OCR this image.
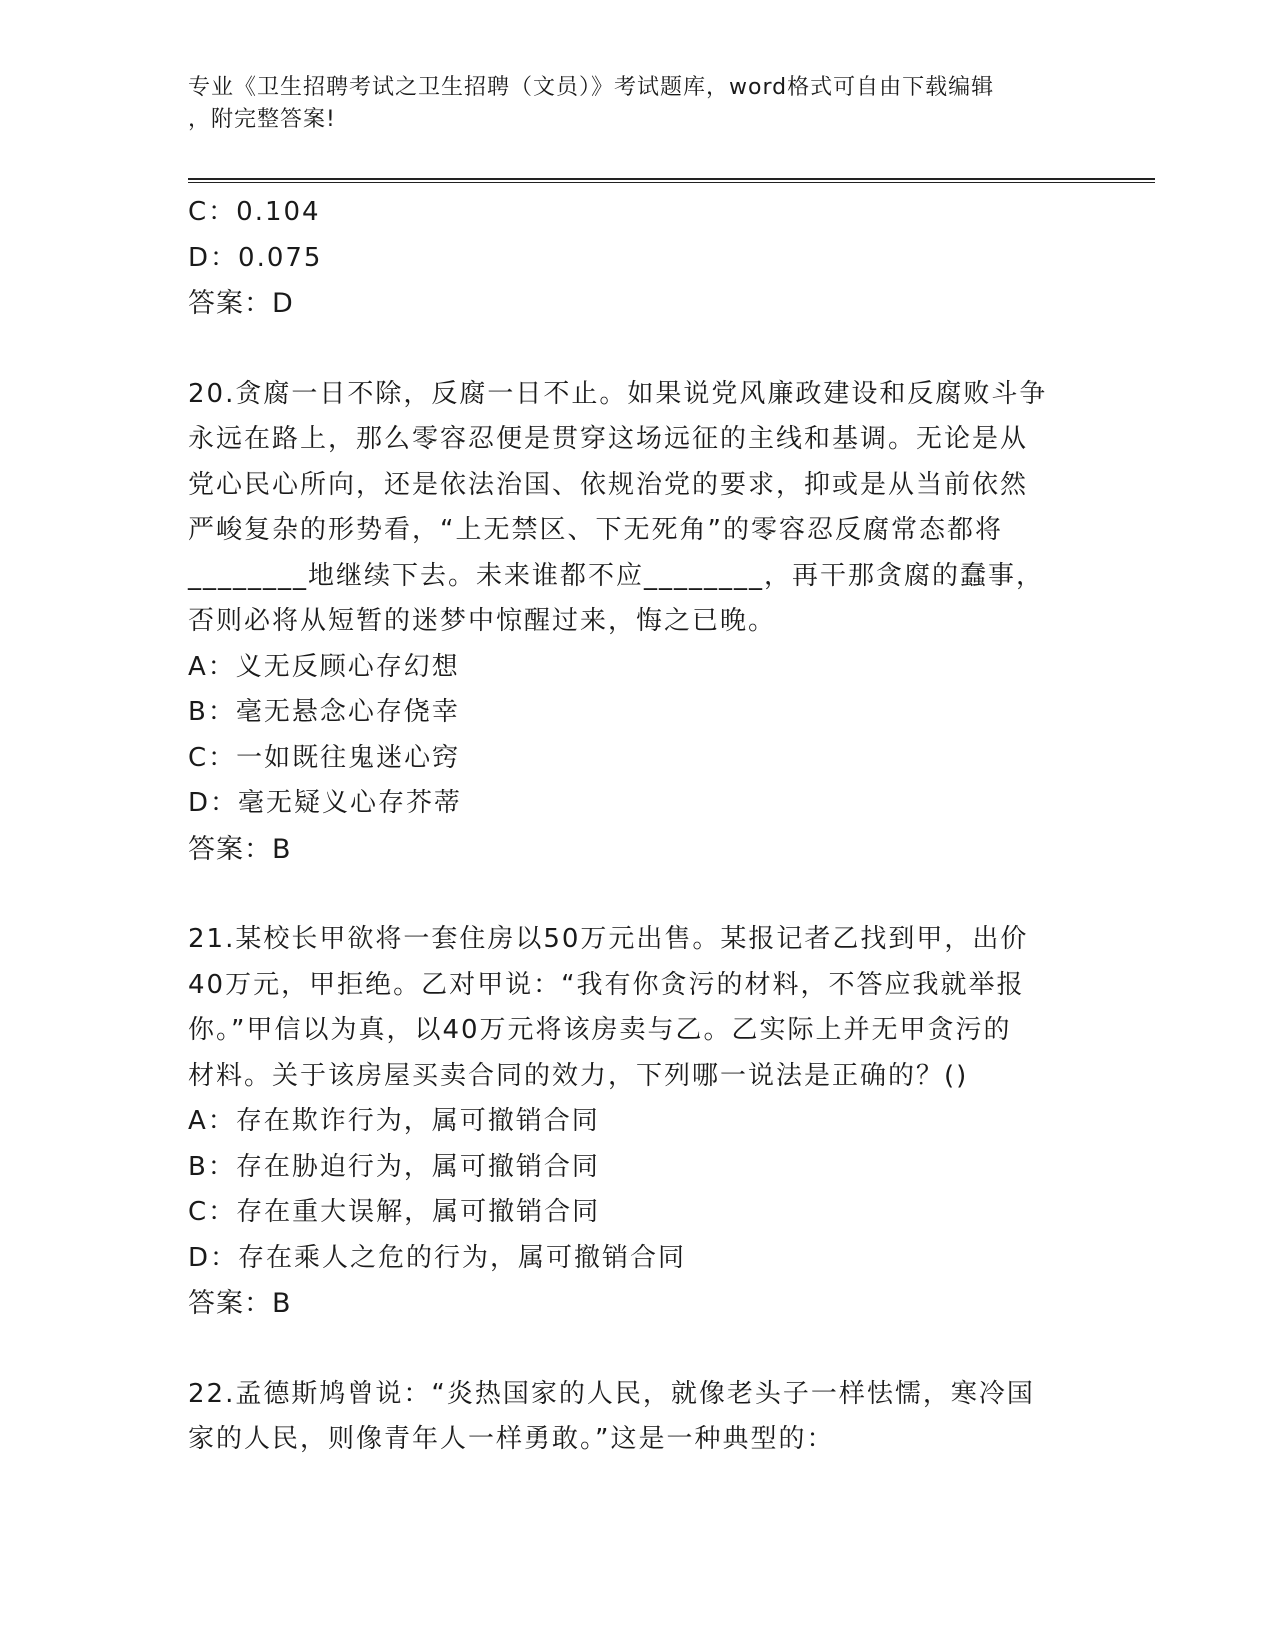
专业《卫生招聘考试之卫生招聘（文员）》考试题库，word格式可自由下载编辑
，附完整答案!
C：0.104
D：0.075
答案：D
20.贪腐一日不除，反腐一日不止。如果说党风廉政建设和反腐败斗争
永远在路上，那么零容忍便是贯穿这场远征的主线和基调。无论是从
党心民心所向，还是依法治国、依规治党的要求，抑或是从当前依然
严峻复杂的形势看，“上无禁区、下无死角”的零容忍反腐常态都将
________地继续下去。未来谁都不应________，再干那贪腐的蠢事，
否则必将从短暂的迷梦中惊醒过来，悔之已晚。
A：义无反顾心存幻想
B：毫无悬念心存侥幸
C：一如既往鬼迷心窍
D：毫无疑义心存芥蒂
答案：B
21.某校长甲欲将一套住房以50万元出售。某报记者乙找到甲，出价
40万元，甲拒绝。乙对甲说：“我有你贪污的材料，不答应我就举报
你。”甲信以为真，以40万元将该房卖与乙。乙实际上并无甲贪污的
材料。关于该房屋买卖合同的效力，下列哪一说法是正确的？()
A：存在欺诈行为，属可撤销合同
B：存在胁迫行为，属可撤销合同
C：存在重大误解，属可撤销合同
D：存在乘人之危的行为，属可撤销合同
答案：B
22.孟德斯鸠曾说：“炎热国家的人民，就像老头子一样怯懦，寒冷国
家的人民，则像青年人一样勇敢。”这是一种典型的：
